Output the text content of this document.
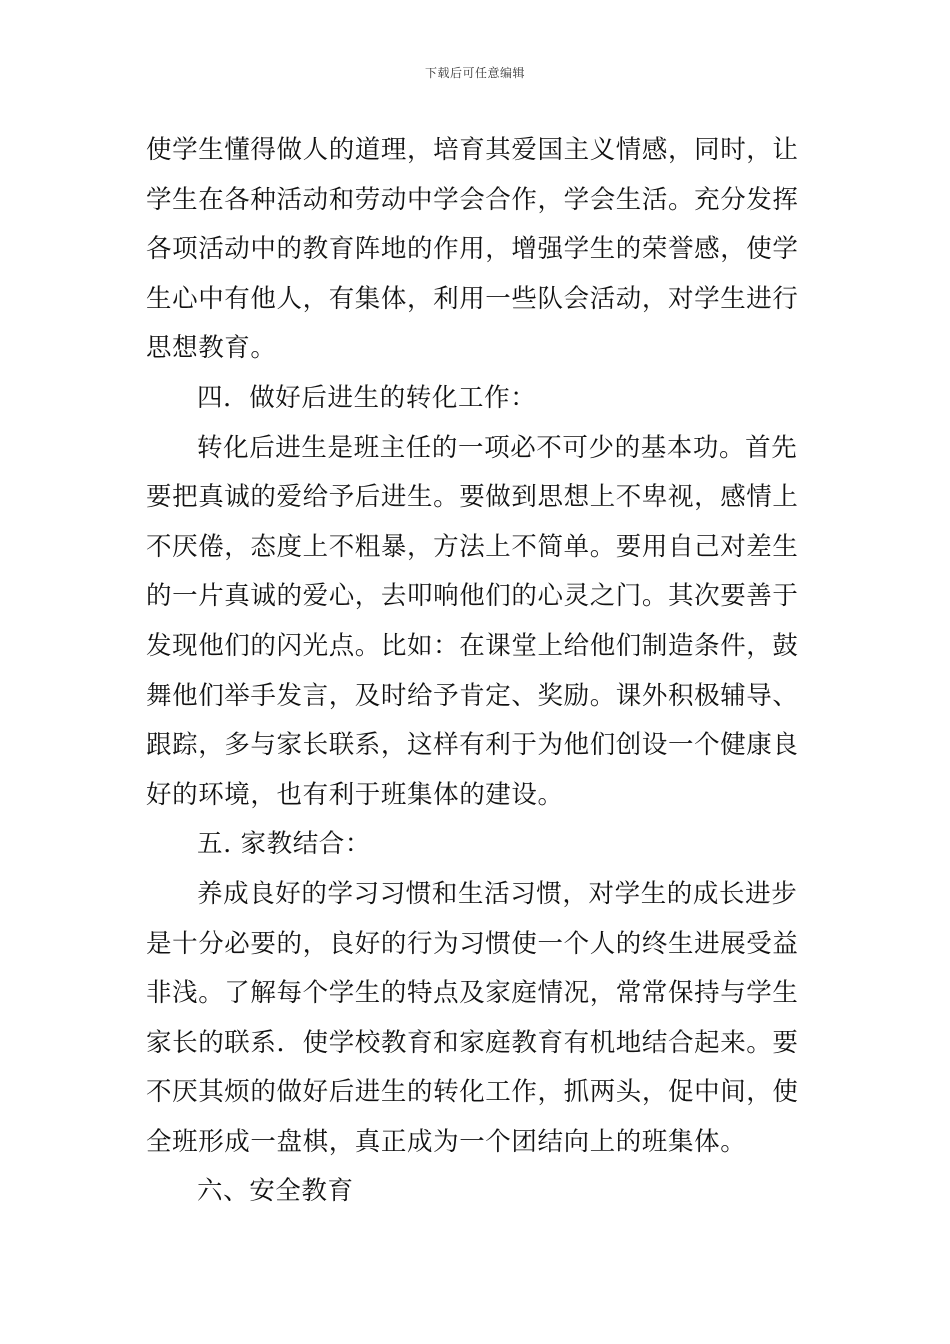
下载后可任意编辑

使学生懂得做人的道理，培育其爱国主义情感，同时，让学生在各种活动和劳动中学会合作，学会生活。充分发挥各项活动中的教育阵地的作用，增强学生的荣誉感，使学生心中有他人，有集体，利用一些队会活动，对学生进行思想教育。

四．做好后进生的转化工作：

转化后进生是班主任的一项必不可少的基本功。首先要把真诚的爱给予后进生。要做到思想上不卑视，感情上不厌倦，态度上不粗暴，方法上不简单。要用自己对差生的一片真诚的爱心，去叩响他们的心灵之门。其次要善于发现他们的闪光点。比如：在课堂上给他们制造条件，鼓舞他们举手发言，及时给予肯定、奖励。课外积极辅导、跟踪，多与家长联系，这样有利于为他们创设一个健康良好的环境，也有利于班集体的建设。

五. 家教结合：

养成良好的学习习惯和生活习惯，对学生的成长进步是十分必要的，良好的行为习惯使一个人的终生进展受益非浅。了解每个学生的特点及家庭情况，常常保持与学生家长的联系．使学校教育和家庭教育有机地结合起来。要不厌其烦的做好后进生的转化工作，抓两头，促中间，使全班形成一盘棋，真正成为一个团结向上的班集体。

六、安全教育
